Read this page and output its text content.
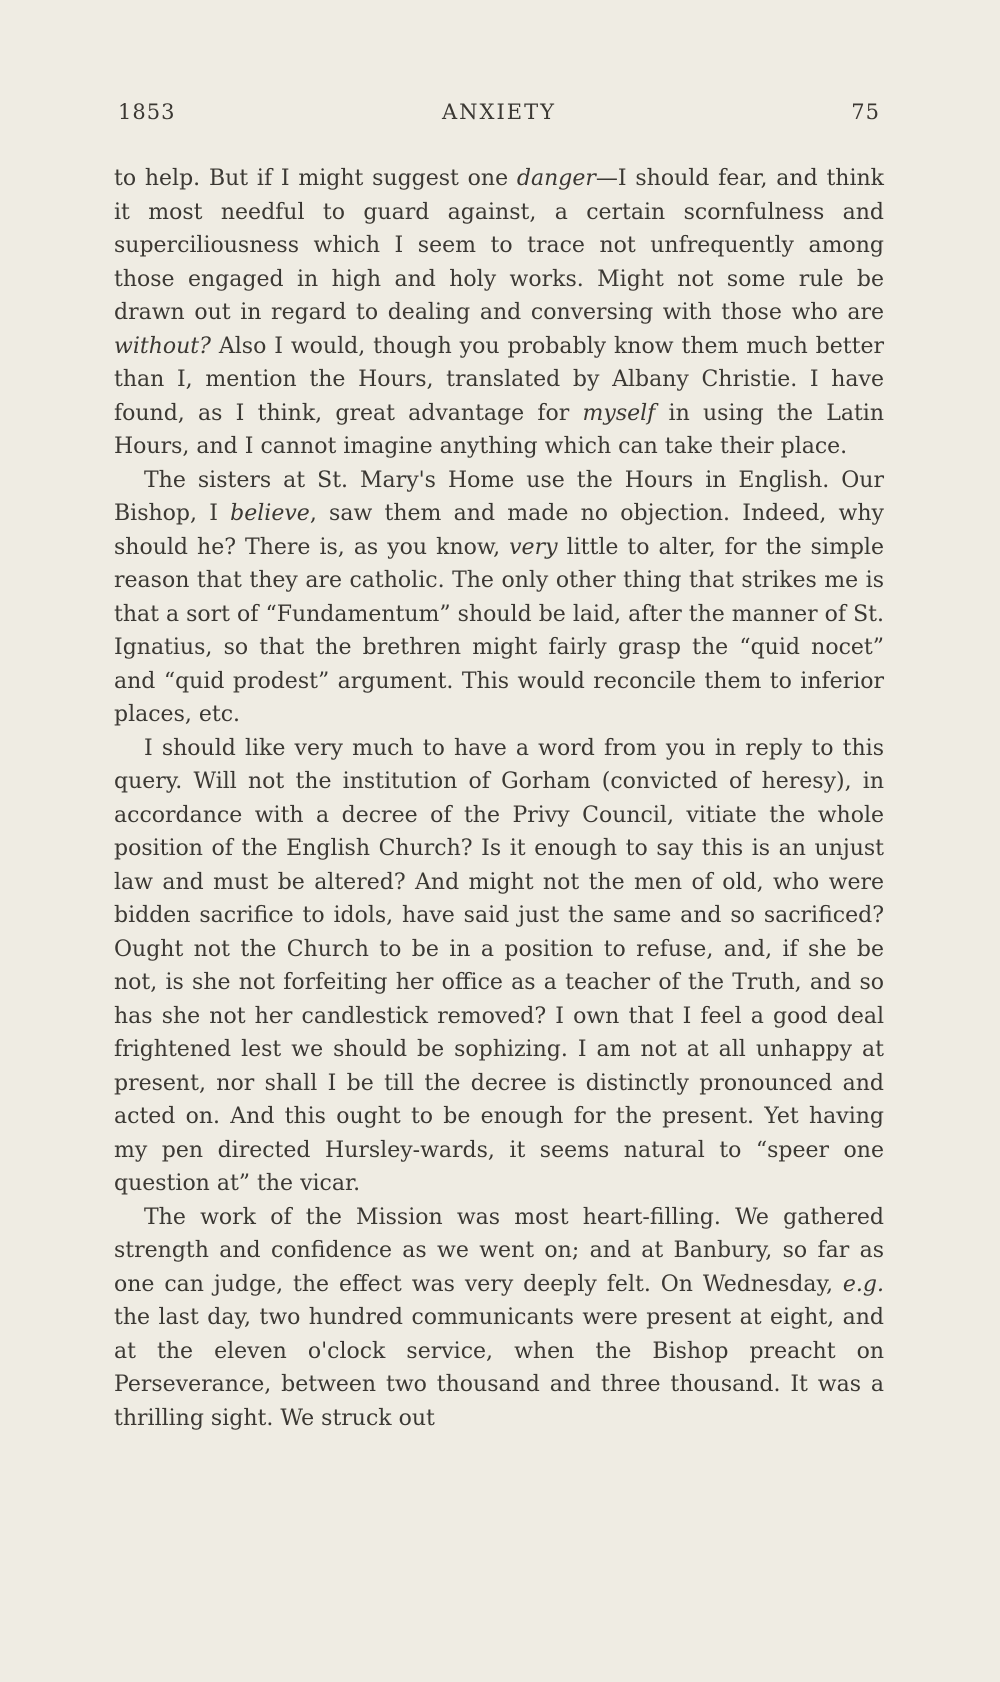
1853	ANXIETY	75

to help. But if I might suggest one danger—I should fear, and think it most needful to guard against, a certain scornfulness and superciliousness which I seem to trace not unfrequently among those engaged in high and holy works. Might not some rule be drawn out in regard to dealing and conversing with those who are without? Also I would, though you probably know them much better than I, mention the Hours, translated by Albany Christie. I have found, as I think, great advantage for myself in using the Latin Hours, and I cannot imagine anything which can take their place.

The sisters at St. Mary's Home use the Hours in English. Our Bishop, I believe, saw them and made no objection. Indeed, why should he? There is, as you know, very little to alter, for the simple reason that they are catholic. The only other thing that strikes me is that a sort of “Fundamentum” should be laid, after the manner of St. Ignatius, so that the brethren might fairly grasp the “quid nocet” and “quid prodest” argument. This would reconcile them to inferior places, etc.

I should like very much to have a word from you in reply to this query. Will not the institution of Gorham (convicted of heresy), in accordance with a decree of the Privy Council, vitiate the whole position of the English Church? Is it enough to say this is an unjust law and must be altered? And might not the men of old, who were bidden sacrifice to idols, have said just the same and so sacrificed? Ought not the Church to be in a position to refuse, and, if she be not, is she not forfeiting her office as a teacher of the Truth, and so has she not her candlestick removed? I own that I feel a good deal frightened lest we should be sophizing. I am not at all unhappy at present, nor shall I be till the decree is distinctly pronounced and acted on. And this ought to be enough for the present. Yet having my pen directed Hursley-wards, it seems natural to “speer one question at” the vicar.

The work of the Mission was most heart-filling. We gathered strength and confidence as we went on; and at Banbury, so far as one can judge, the effect was very deeply felt. On Wednesday, e.g. the last day, two hundred communicants were present at eight, and at the eleven o'clock service, when the Bishop preacht on Perseverance, between two thousand and three thousand. It was a thrilling sight. We struck out
